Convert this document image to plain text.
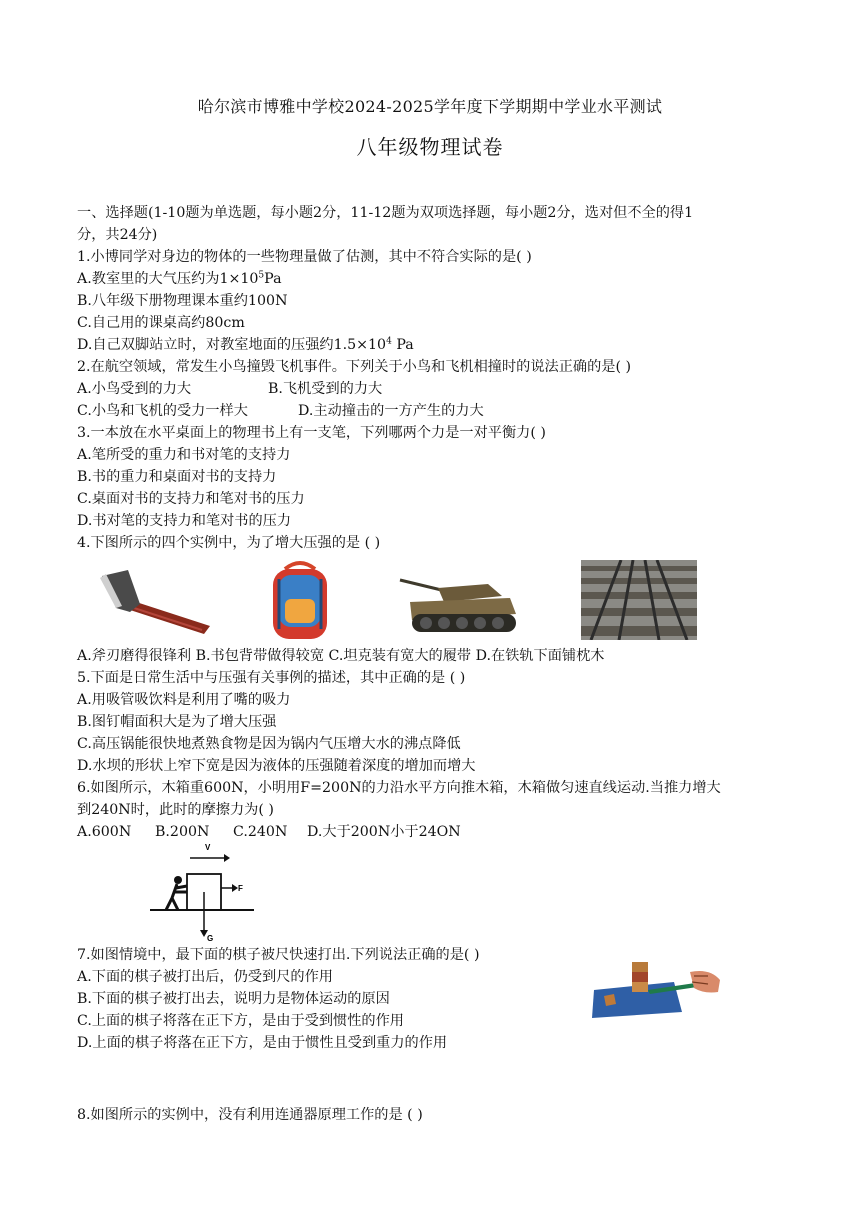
哈尔滨市博雅中学校2024-2025学年度下学期期中学业水平测试
八年级物理试卷
一、选择题(1-10题为单选题，每小题2分，11-12题为双项选择题，每小题2分，选对但不全的得1
分，共24分)
1.小博同学对身边的物体的一些物理量做了估测，其中不符合实际的是( )
A.教室里的大气压约为$1\times 10^5Pa$
B.八年级下册物理课本重约100N
C.自己用的课桌高约80cm
D.自己双脚站立时，对教室地面的压强约$1.5\times 10^4$ Pa
2.在航空领域，常发生小鸟撞毁飞机事件。下列关于小鸟和飞机相撞时的说法正确的是( )
A.小鸟受到的力大	B.飞机受到的力大
C.小鸟和飞机的受力一样大	D.主动撞击的一方产生的力大
3.一本放在水平桌面上的物理书上有一支笔，下列哪两个力是一对平衡力( )
A.笔所受的重力和书对笔的支持力
B.书的重力和桌面对书的支持力
C.桌面对书的支持力和笔对书的压力
D.书对笔的支持力和笔对书的压力
4.下图所示的四个实例中，为了增大压强的是 ( )
A.斧刃磨得很锋利 B.书包背带做得较宽 C.坦克装有宽大的履带 D.在铁轨下面铺枕木
5.下面是日常生活中与压强有关事例的描述，其中正确的是 ( )
A.用吸管吸饮料是利用了嘴的吸力
B.图钉帽面积大是为了增大压强
C.高压锅能很快地煮熟食物是因为锅内气压增大水的沸点降低
D.水坝的形状上窄下宽是因为液体的压强随着深度的增加而增大
6.如图所示，木箱重600N，小明用F=200N的力沿水平方向推木箱，木箱做匀速直线运动.当推力增大
到240N时，此时的摩擦力为( )
A.600N B.200N C.240N D.大于200N小于24ON
V
F
G
7.如图情境中，最下面的棋子被尺快速打出.下列说法正确的是( )
A.下面的棋子被打出后，仍受到尺的作用
B.下面的棋子被打出去，说明力是物体运动的原因
C.上面的棋子将落在正下方，是由于受到惯性的作用
D.上面的棋子将落在正下方，是由于惯性且受到重力的作用
8.如图所示的实例中，没有利用连通器原理工作的是 ( )
